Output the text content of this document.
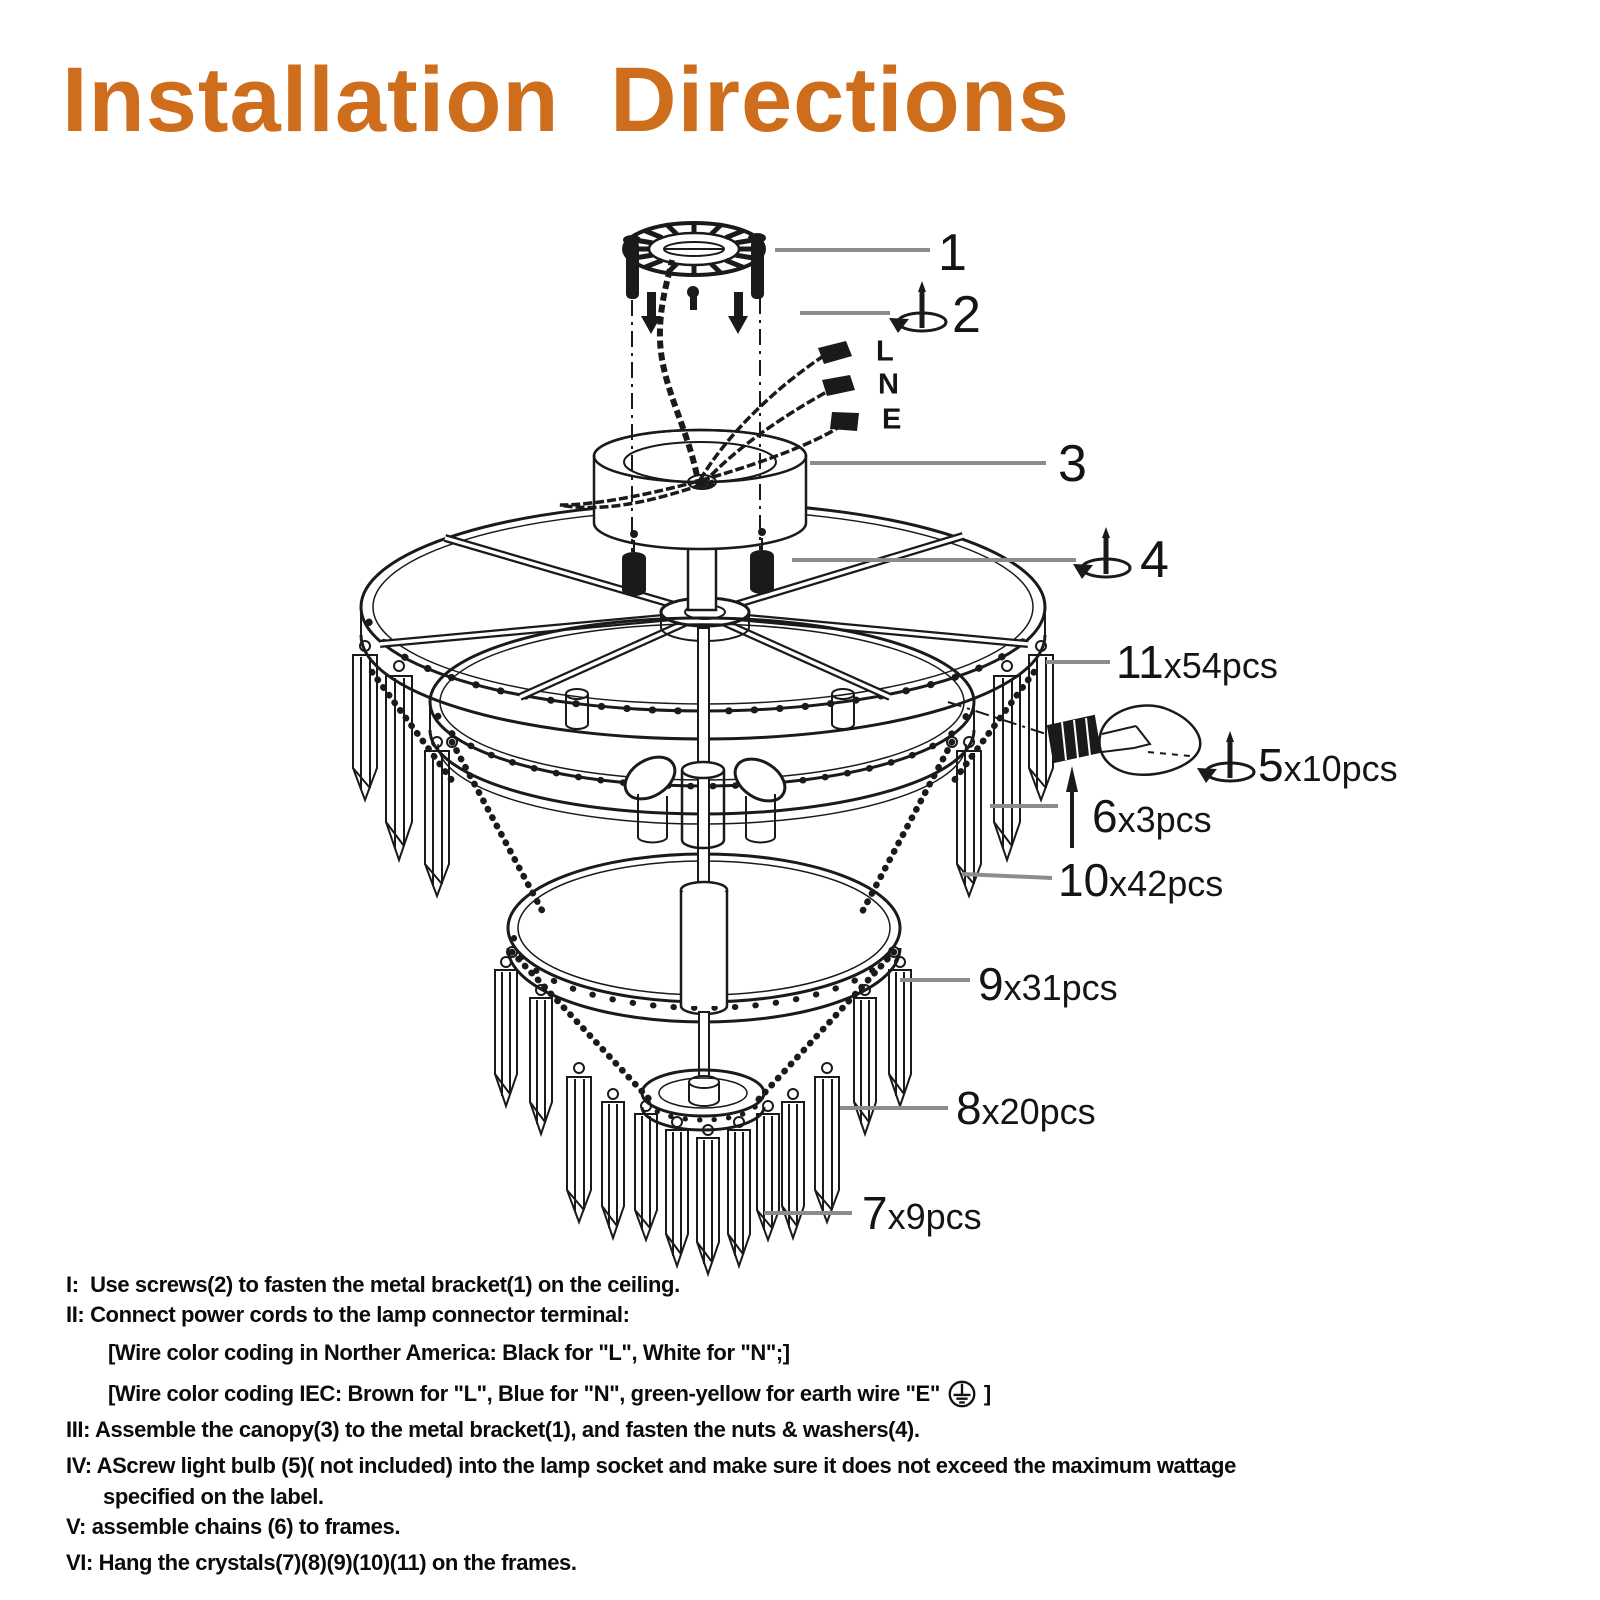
Installation Directions
1
2
3
4
11x54pcs
5x10pcs
6x3pcs
10x42pcs
9x31pcs
8x20pcs
7x9pcs
L
N
E
I:  Use screws(2) to fasten the metal bracket(1) on the ceiling.
II: Connect power cords to the lamp connector terminal:
[Wire color coding in Norther America: Black for "L", White for "N";]
[Wire color coding IEC: Brown for "L", Blue for "N", green-yellow for earth wire "E" ]
III: Assemble the canopy(3) to the metal bracket(1), and fasten the nuts & washers(4).
IV: AScrew light bulb (5)( not included) into the lamp socket and make sure it does not exceed the maximum wattage
specified on the label.
V: assemble chains (6) to frames.
VI: Hang the crystals(7)(8)(9)(10)(11) on the frames.
